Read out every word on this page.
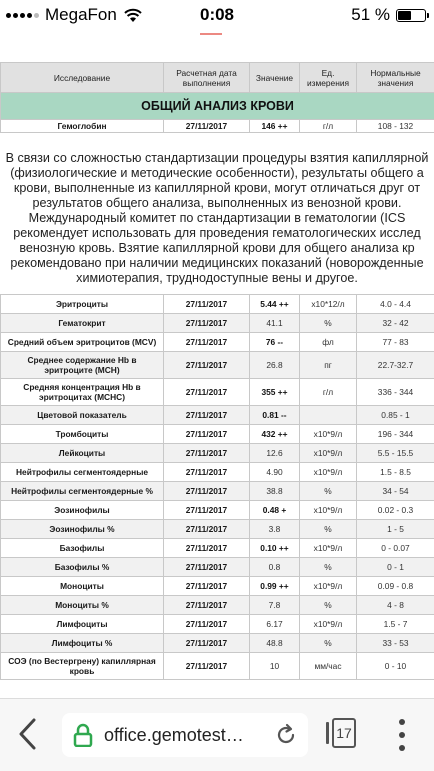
MegaFon	0:08	51 %
Исследование	Расчетная дата выполнения	Значение	Ед. измерения	Нормальные значения
ОБЩИЙ АНАЛИЗ КРОВИ				
Гемоглобин	27/11/2017	146 ++	г/л	108 - 132
В связи со сложностью стандартизации процедуры взятия капиллярной
(физиологические и методические особенности), результаты общего а
крови, выполненные из капиллярной крови, могут отличаться друг от
результатов общего анализа, выполненных из венозной крови.
Международный комитет по стандартизации в гематологии (ICS
рекомендует использовать для проведения гематологических исслед
венозную кровь. Взятие капиллярной крови для общего анализа кр
рекомендовано при наличии медицинских показаний (новорожденные
химиотерапия, труднодоступные вены и другое.
Эритроциты	27/11/2017	5.44 ++	x10*12/л	4.0 - 4.4
Гематокрит	27/11/2017	41.1	%	32 - 42
Средний объем эритроцитов (MCV)	27/11/2017	76 --	фл	77 - 83
Среднее содержание Hb в эритроците (MCH)	27/11/2017	26.8	пг	22.7-32.7
Средняя концентрация Hb в эритроцитах (MCHC)	27/11/2017	355 ++	г/л	336 - 344
Цветовой показатель	27/11/2017	0.81 --		0.85 - 1
Тромбоциты	27/11/2017	432 ++	x10*9/л	196 - 344
Лейкоциты	27/11/2017	12.6	x10*9/л	5.5 - 15.5
Нейтрофилы сегментоядерные	27/11/2017	4.90	x10*9/л	1.5 - 8.5
Нейтрофилы сегментоядерные %	27/11/2017	38.8	%	34 - 54
Эозинофилы	27/11/2017	0.48 +	x10*9/л	0.02 - 0.3
Эозинофилы %	27/11/2017	3.8	%	1 - 5
Базофилы	27/11/2017	0.10 ++	x10*9/л	0 - 0.07
Базофилы %	27/11/2017	0.8	%	0 - 1
Моноциты	27/11/2017	0.99 ++	x10*9/л	0.09 - 0.8
Моноциты %	27/11/2017	7.8	%	4 - 8
Лимфоциты	27/11/2017	6.17	x10*9/л	1.5 - 7
Лимфоциты %	27/11/2017	48.8	%	33 - 53
СОЭ (по Вестергрену) капиллярная кровь	27/11/2017	10	мм/час	0 - 10
office.gemotest…	17
